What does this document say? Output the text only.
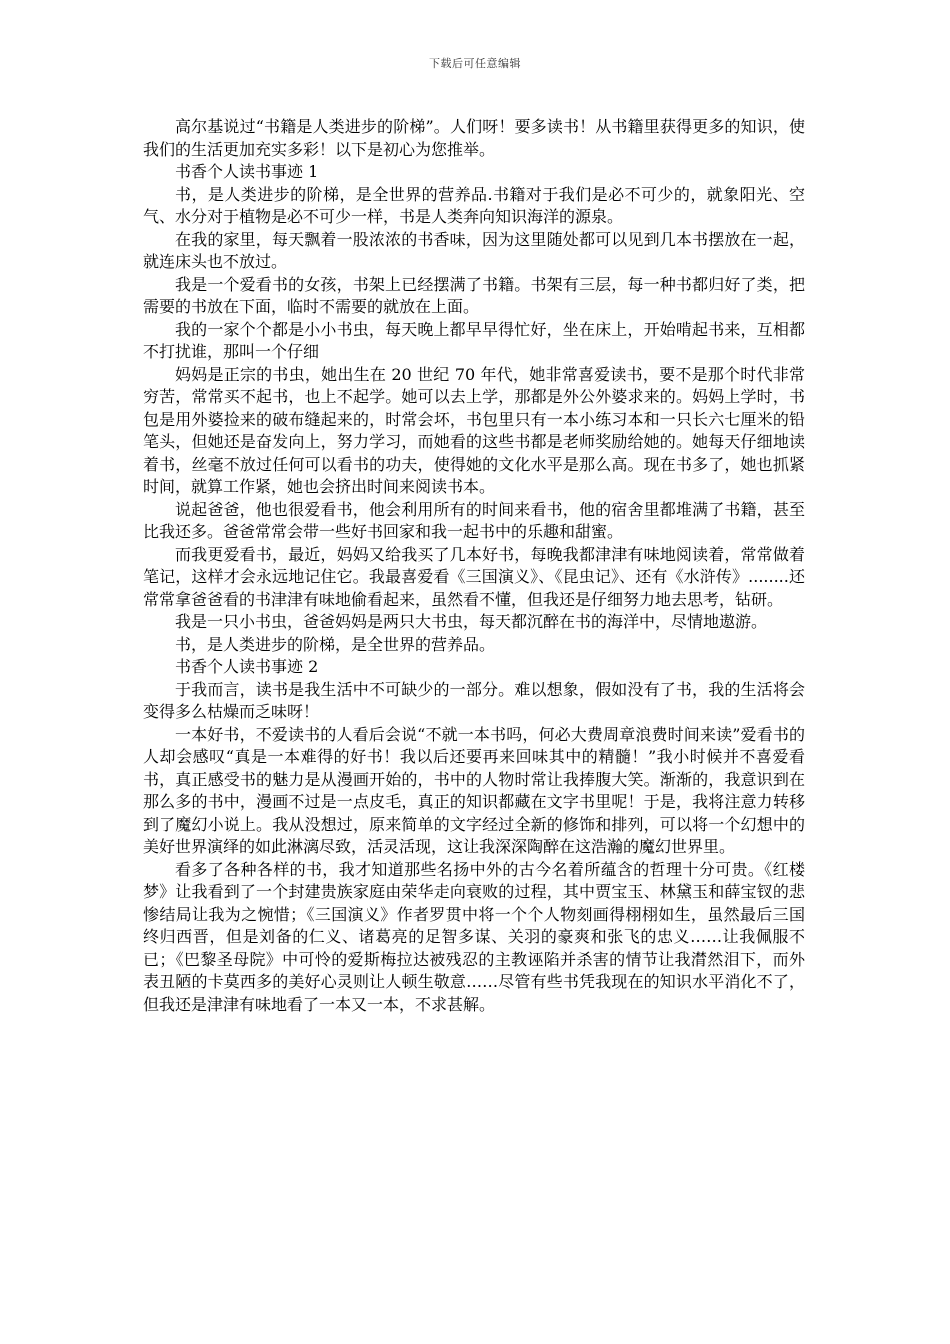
下载后可任意编辑

高尔基说过“书籍是人类进步的阶梯”。人们呀！要多读书！从书籍里获得更多的知识，使我们的生活更加充实多彩！以下是初心为您推举。

书香个人读书事迹 1

书，是人类进步的阶梯，是全世界的营养品.书籍对于我们是必不可少的，就象阳光、空气、水分对于植物是必不可少一样，书是人类奔向知识海洋的源泉。

在我的家里，每天飘着一股浓浓的书香味，因为这里随处都可以见到几本书摆放在一起，就连床头也不放过。

我是一个爱看书的女孩，书架上已经摆满了书籍。书架有三层，每一种书都归好了类，把需要的书放在下面，临时不需要的就放在上面。

我的一家个个都是小小书虫，每天晚上都早早得忙好，坐在床上，开始啃起书来，互相都不打扰谁，那叫一个仔细

妈妈是正宗的书虫，她出生在 20 世纪 70 年代，她非常喜爱读书，要不是那个时代非常穷苦，常常买不起书，也上不起学。她可以去上学，那都是外公外婆求来的。妈妈上学时，书包是用外婆捡来的破布缝起来的，时常会坏，书包里只有一本小练习本和一只长六七厘米的铅笔头，但她还是奋发向上，努力学习，而她看的这些书都是老师奖励给她的。她每天仔细地读着书，丝毫不放过任何可以看书的功夫，使得她的文化水平是那么高。现在书多了，她也抓紧时间，就算工作紧，她也会挤出时间来阅读书本。

说起爸爸，他也很爱看书，他会利用所有的时间来看书，他的宿舍里都堆满了书籍，甚至比我还多。爸爸常常会带一些好书回家和我一起书中的乐趣和甜蜜。

而我更爱看书，最近，妈妈又给我买了几本好书，每晚我都津津有味地阅读着，常常做着笔记，这样才会永远地记住它。我最喜爱看《三国演义》、《昆虫记》、还有《水浒传》........还常常拿爸爸看的书津津有味地偷看起来，虽然看不懂，但我还是仔细努力地去思考，钻研。

我是一只小书虫，爸爸妈妈是两只大书虫，每天都沉醉在书的海洋中，尽情地遨游。

书，是人类进步的阶梯，是全世界的营养品。

书香个人读书事迹 2

于我而言，读书是我生活中不可缺少的一部分。难以想象，假如没有了书，我的生活将会变得多么枯燥而乏味呀！

一本好书，不爱读书的人看后会说“不就一本书吗，何必大费周章浪费时间来读”爱看书的人却会感叹“真是一本难得的好书！我以后还要再来回味其中的精髓！”我小时候并不喜爱看书，真正感受书的魅力是从漫画开始的，书中的人物时常让我捧腹大笑。渐渐的，我意识到在那么多的书中，漫画不过是一点皮毛，真正的知识都藏在文字书里呢！于是，我将注意力转移到了魔幻小说上。我从没想过，原来简单的文字经过全新的修饰和排列，可以将一个幻想中的美好世界演绎的如此淋漓尽致，活灵活现，这让我深深陶醉在这浩瀚的魔幻世界里。

看多了各种各样的书，我才知道那些名扬中外的古今名着所蕴含的哲理十分可贵。《红楼梦》让我看到了一个封建贵族家庭由荣华走向衰败的过程，其中贾宝玉、林黛玉和薛宝钗的悲惨结局让我为之惋惜；《三国演义》作者罗贯中将一个个人物刻画得栩栩如生，虽然最后三国终归西晋，但是刘备的仁义、诸葛亮的足智多谋、关羽的豪爽和张飞的忠义……让我佩服不已；《巴黎圣母院》中可怜的爱斯梅拉达被残忍的主教诬陷并杀害的情节让我潸然泪下，而外表丑陋的卡莫西多的美好心灵则让人顿生敬意……尽管有些书凭我现在的知识水平消化不了，但我还是津津有味地看了一本又一本，不求甚解。
